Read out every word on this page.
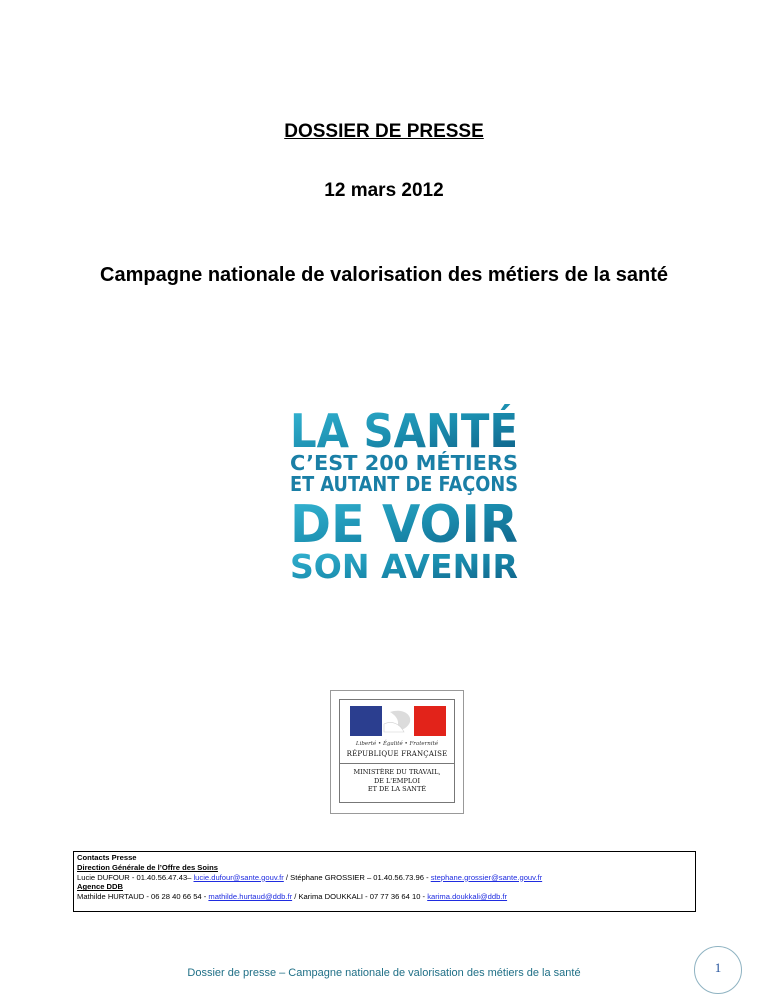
DOSSIER DE PRESSE
12 mars 2012
Campagne nationale de valorisation des métiers de la santé
LA SANTÉ
C’EST 200 MÉTIERS
ET AUTANT DE FAÇONS
DE VOIR
SON AVENIR
Liberté • Égalité • Fraternité
RÉPUBLIQUE FRANÇAISE
MINISTÈRE DU TRAVAIL,
DE L'EMPLOI
ET DE LA SANTÉ
Contacts Presse
Direction Générale de l’Offre des Soins
Lucie DUFOUR - 01.40.56.47.43– lucie.dufour@sante.gouv.fr / Stéphane GROSSIER – 01.40.56.73.96 - stephane.grossier@sante.gouv.fr
Agence DDB
Mathilde HURTAUD - 06 28 40 66 54 - mathilde.hurtaud@ddb.fr / Karima DOUKKALI - 07 77 36 64 10 - karima.doukkali@ddb.fr
Dossier de presse – Campagne nationale de valorisation des métiers de la santé	1
